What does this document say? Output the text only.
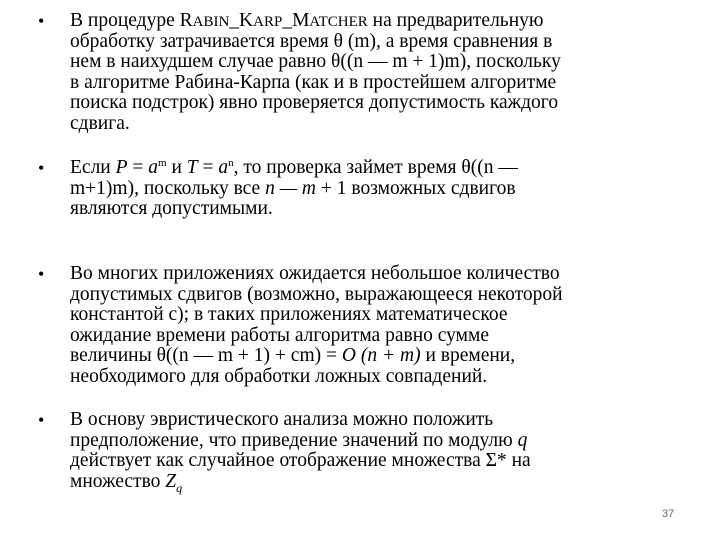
• В процедуре RABIN_KARP_MATCHER на предварительную
обработку затрачивается время θ (m), а время сравнения в
нем в наихудшем случае равно θ((n — m + 1)m), поскольку
в алгоритме Рабина-Карпа (как и в простейшем алгоритме
поиска подстрок) явно проверяется допустимость каждого
сдвига.
• Если $P = a^m$ и $T = a^n$, то проверка займет время θ((n —
m+1)m), поскольку все n — m + 1 возможных сдвигов
являются допустимыми.
• Во многих приложениях ожидается небольшое количество
допустимых сдвигов (возможно, выражающееся некоторой
константой c); в таких приложениях математическое
ожидание времени работы алгоритма равно сумме
величины θ((n — m + 1) + cm) = O (n + m) и времени,
необходимого для обработки ложных совпадений.
• В основу эвристического анализа можно положить
предположение, что приведение значений по модулю q
действует как случайное отображение множества Σ* на
множество $Z_q$
37
